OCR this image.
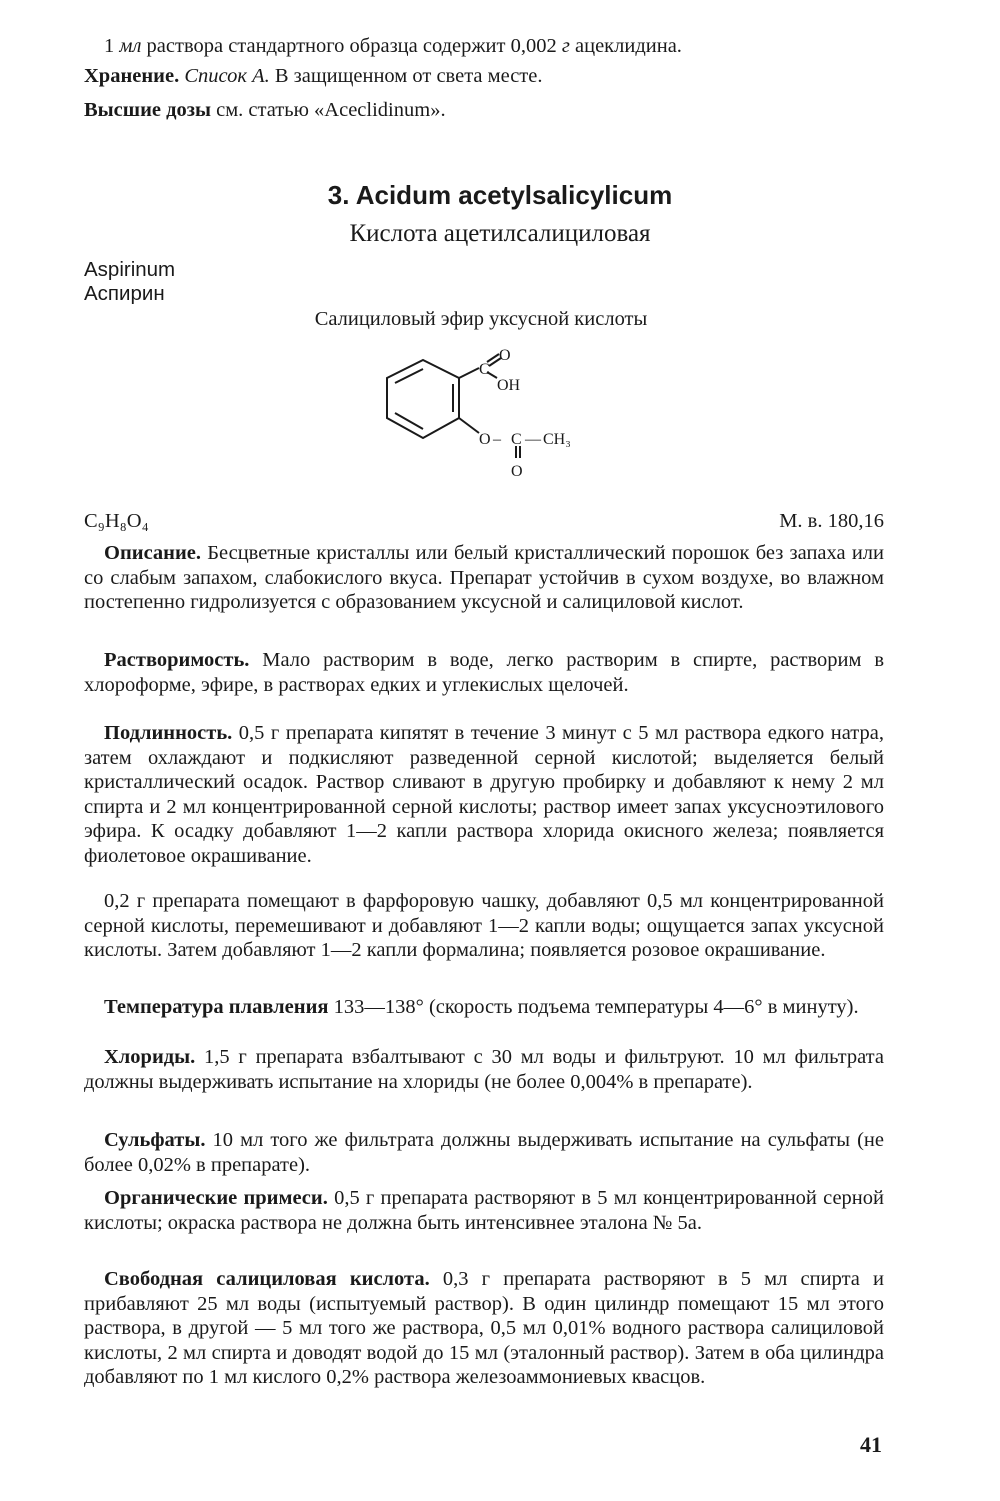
1 мл раствора стандартного образца содержит 0,002 г ацеклидина.
Хранение. Список А. В защищенном от света месте.
Высшие дозы см. статью «Aceclidinum».
3. Acidum acetylsalicylicum
Кислота ацетилсалициловая
Aspirinum
Аспирин
Салициловый эфир уксусной кислоты
C
O
OH
O – C — CH₃
O
C₉H₈O₄	М. в. 180,16

Описание. Бесцветные кристаллы или белый кристаллический порошок без запаха или со слабым запахом, слабокислого вкуса. Препарат устойчив в сухом воздухе, во влажном постепенно гидролизуется с образованием уксусной и салициловой кислот.

Растворимость. Мало растворим в воде, легко растворим в спирте, растворим в хлороформе, эфире, в растворах едких и углекислых щелочей.

Подлинность. 0,5 г препарата кипятят в течение 3 минут с 5 мл раствора едкого натра, затем охлаждают и подкисляют разведенной серной кислотой; выделяется белый кристаллический осадок. Раствор сливают в другую пробирку и добавляют к нему 2 мл спирта и 2 мл концентрированной серной кислоты; раствор имеет запах уксусноэтилового эфира. К осадку добавляют 1—2 капли раствора хлорида окисного железа; появляется фиолетовое окрашивание.

0,2 г препарата помещают в фарфоровую чашку, добавляют 0,5 мл концентрированной серной кислоты, перемешивают и добавляют 1—2 капли воды; ощущается запах уксусной кислоты. Затем добавляют 1—2 капли формалина; появляется розовое окрашивание.

Температура плавления 133—138° (скорость подъема температуры 4—6° в минуту).

Хлориды. 1,5 г препарата взбалтывают с 30 мл воды и фильтруют. 10 мл фильтрата должны выдерживать испытание на хлориды (не более 0,004% в препарате).

Сульфаты. 10 мл того же фильтрата должны выдерживать испытание на сульфаты (не более 0,02% в препарате).

Органические примеси. 0,5 г препарата растворяют в 5 мл концентрированной серной кислоты; окраска раствора не должна быть интенсивнее эталона № 5а.

Свободная салициловая кислота. 0,3 г препарата растворяют в 5 мл спирта и прибавляют 25 мл воды (испытуемый раствор). В один цилиндр помещают 15 мл этого раствора, в другой — 5 мл того же раствора, 0,5 мл 0,01% водного раствора салициловой кислоты, 2 мл спирта и доводят водой до 15 мл (эталонный раствор). Затем в оба цилиндра добавляют по 1 мл кислого 0,2% раствора железоаммониевых квасцов.

41
